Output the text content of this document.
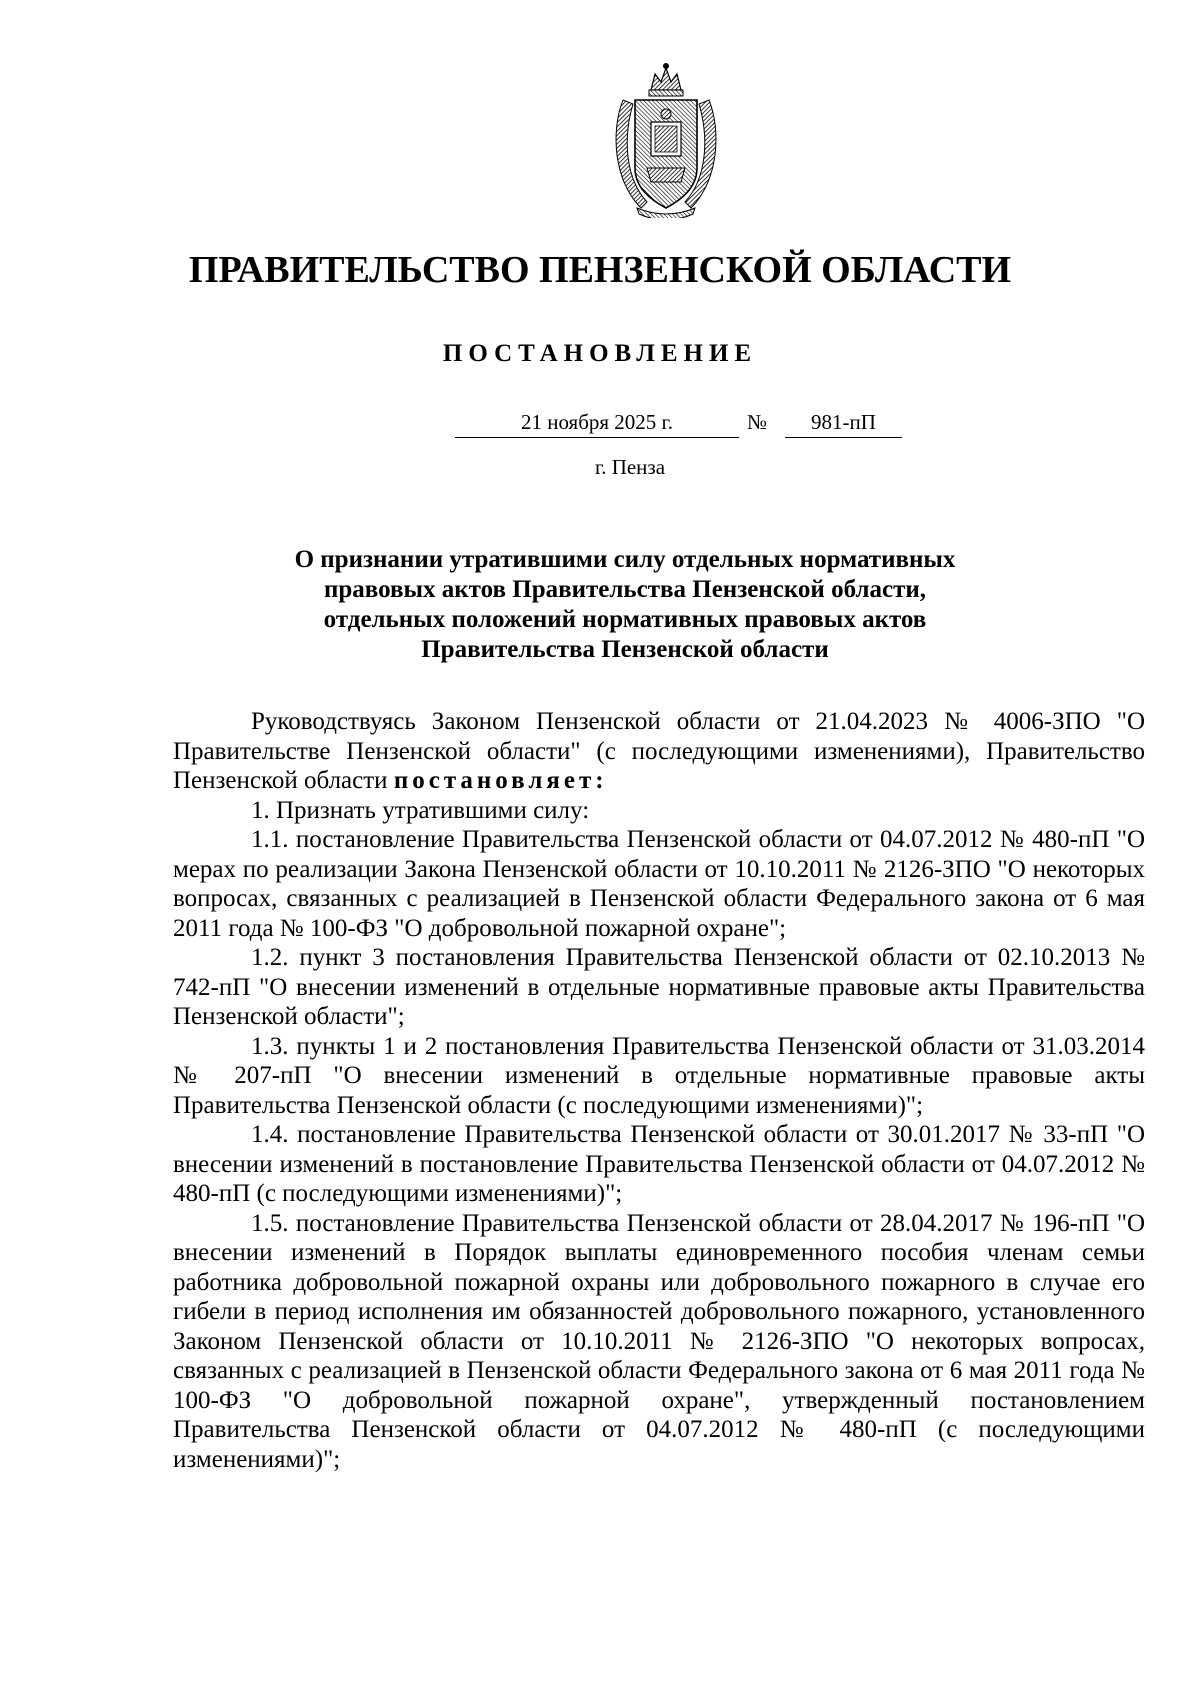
ПРАВИТЕЛЬСТВО ПЕНЗЕНСКОЙ ОБЛАСТИ
ПОСТАНОВЛЕНИЕ
21 ноября 2025 г.	№	981-пП
г. Пенза
О признании утратившими силу отдельных нормативных
правовых актов Правительства Пензенской области,
отдельных положений нормативных правовых актов
Правительства Пензенской области

Руководствуясь Законом Пензенской области от 21.04.2023 № 4006-ЗПО "О Правительстве Пензенской области" (с последующими изменениями), Правительство Пензенской области постановляет:

1. Признать утратившими силу:

1.1. постановление Правительства Пензенской области от 04.07.2012 № 480-пП "О мерах по реализации Закона Пензенской области от 10.10.2011 № 2126-ЗПО "О некоторых вопросах, связанных с реализацией в Пензенской области Федерального закона от 6 мая 2011 года № 100-ФЗ "О добровольной пожарной охране";

1.2. пункт 3 постановления Правительства Пензенской области от 02.10.2013 № 742-пП "О внесении изменений в отдельные нормативные правовые акты Правительства Пензенской области";

1.3. пункты 1 и 2 постановления Правительства Пензенской области от 31.03.2014 № 207-пП "О внесении изменений в отдельные нормативные правовые акты Правительства Пензенской области (с последующими изменениями)";

1.4. постановление Правительства Пензенской области от 30.01.2017 № 33-пП "О внесении изменений в постановление Правительства Пензенской области от 04.07.2012 № 480-пП (с последующими изменениями)";

1.5. постановление Правительства Пензенской области от 28.04.2017 № 196-пП "О внесении изменений в Порядок выплаты единовременного пособия членам семьи работника добровольной пожарной охраны или добровольного пожарного в случае его гибели в период исполнения им обязанностей добровольного пожарного, установленного Законом Пензенской области от 10.10.2011 № 2126-ЗПО "О некоторых вопросах, связанных с реализацией в Пензенской области Федерального закона от 6 мая 2011 года № 100-ФЗ "О добровольной пожарной охране", утвержденный постановлением Правительства Пензенской области от 04.07.2012 № 480-пП (с последующими изменениями)";
